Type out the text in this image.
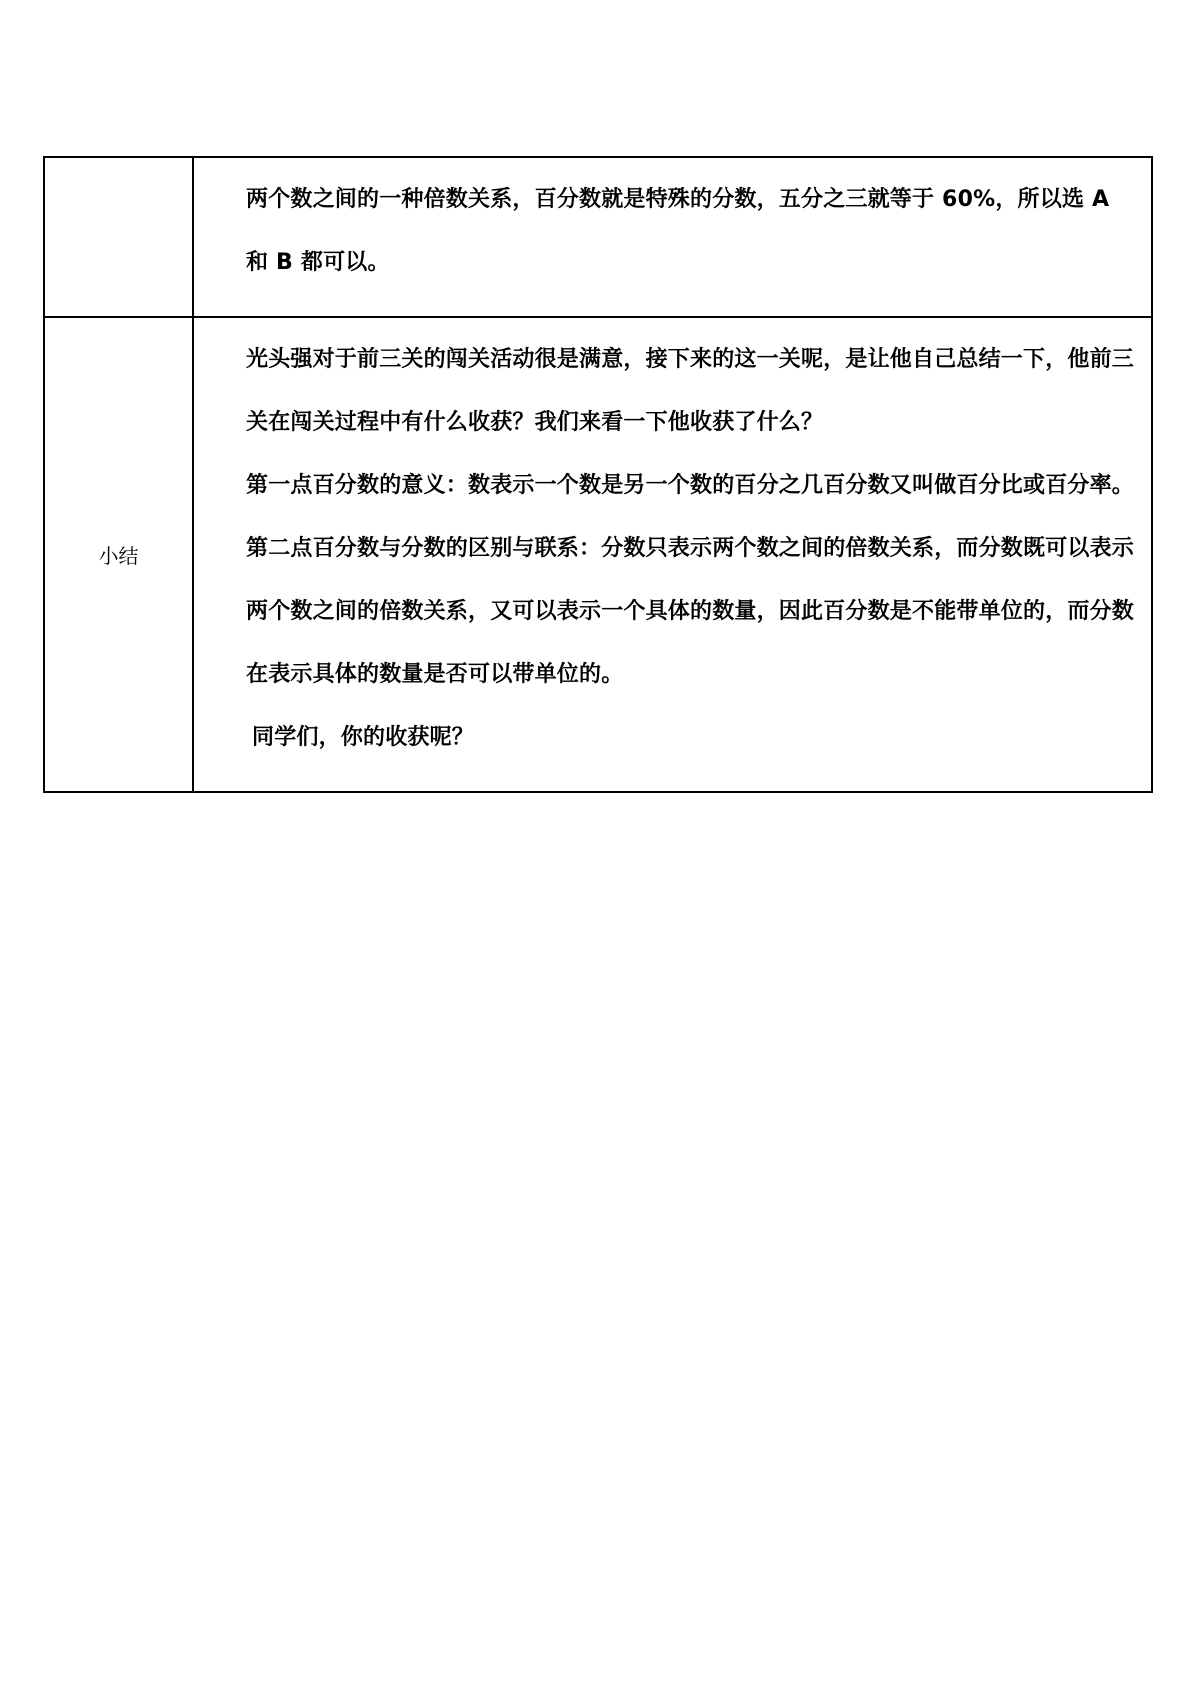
	两个数之间的一种倍数关系，百分数就是特殊的分数，五分之三就等于 60%，所以选 A 和 B 都可以。

小结	光头强对于前三关的闯关活动很是满意，接下来的这一关呢，是让他自己总结一下，他前三关在闯关过程中有什么收获？我们来看一下他收获了什么？

第一点百分数的意义：数表示一个数是另一个数的百分之几百分数又叫做百分比或百分率。

第二点百分数与分数的区别与联系：分数只表示两个数之间的倍数关系，而分数既可以表示两个数之间的倍数关系，又可以表示一个具体的数量，因此百分数是不能带单位的，而分数在表示具体的数量是否可以带单位的。

同学们，你的收获呢？
